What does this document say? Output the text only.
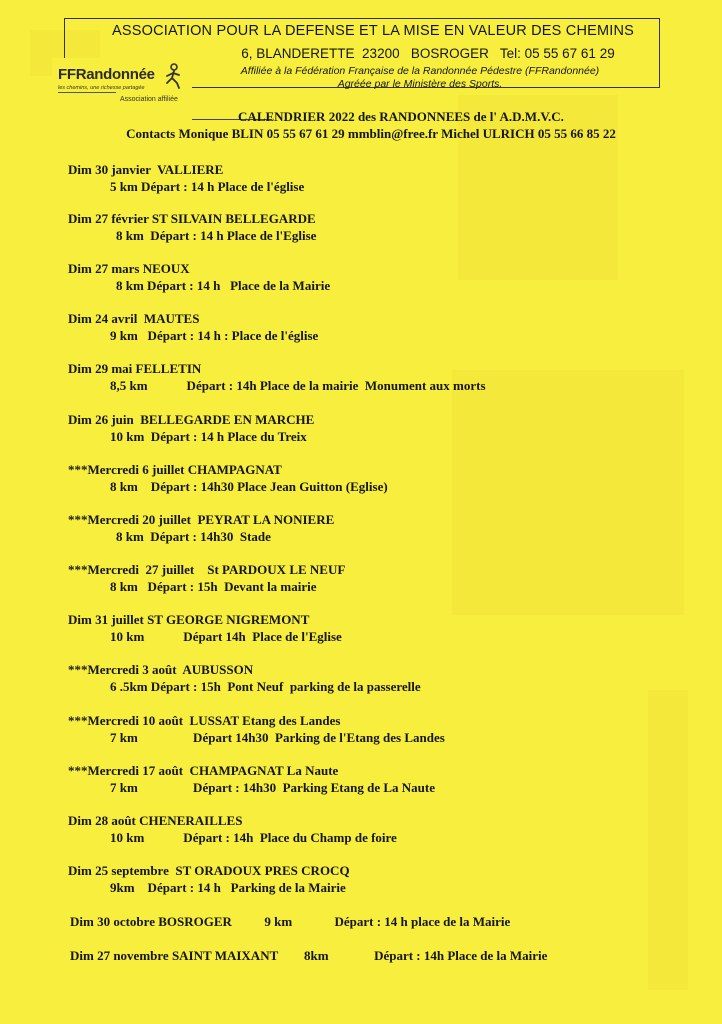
ASSOCIATION POUR LA DEFENSE ET LA MISE EN VALEUR DES CHEMINS
6, BLANDERETTE  23200   BOSROGER   Tel: 05 55 67 61 29
Affiliée à la Fédération Française de la Randonnée Pédestre (FFRandonnée)
Agréée par le Ministère des Sports.
FFRandonnée
les chemins, une richesse partagée
Association affiliée
CALENDRIER 2022 des RANDONNEES de l' A.D.M.V.C.
Contacts Monique BLIN 05 55 67 61 29 mmblin@free.fr Michel ULRICH 05 55 66 85 22
Dim 30 janvier  VALLIERE
5 km Départ : 14 h Place de l'église
Dim 27 février ST SILVAIN BELLEGARDE
8 km  Départ : 14 h Place de l'Eglise
Dim 27 mars NEOUX
8 km Départ : 14 h   Place de la Mairie
Dim 24 avril  MAUTES
9 km   Départ : 14 h : Place de l'église
Dim 29 mai FELLETIN
8,5 km            Départ : 14h Place de la mairie  Monument aux morts
Dim 26 juin  BELLEGARDE EN MARCHE
10 km  Départ : 14 h Place du Treix
***Mercredi 6 juillet CHAMPAGNAT
8 km    Départ : 14h30 Place Jean Guitton (Eglise)
***Mercredi 20 juillet  PEYRAT LA NONIERE
8 km  Départ : 14h30  Stade
***Mercredi  27 juillet    St PARDOUX LE NEUF
8 km   Départ : 15h  Devant la mairie
Dim 31 juillet ST GEORGE NIGREMONT
10 km            Départ 14h  Place de l'Eglise
***Mercredi 3 août  AUBUSSON
6 .5km Départ : 15h  Pont Neuf  parking de la passerelle
***Mercredi 10 août  LUSSAT Etang des Landes
7 km                 Départ 14h30  Parking de l'Etang des Landes
***Mercredi 17 août  CHAMPAGNAT La Naute
7 km                 Départ : 14h30  Parking Etang de La Naute
Dim 28 août CHENERAILLES
10 km            Départ : 14h  Place du Champ de foire
Dim 25 septembre  ST ORADOUX PRES CROCQ
9km    Départ : 14 h   Parking de la Mairie
Dim 30 octobre BOSROGER          9 km             Départ : 14 h place de la Mairie
Dim 27 novembre SAINT MAIXANT        8km              Départ : 14h Place de la Mairie
